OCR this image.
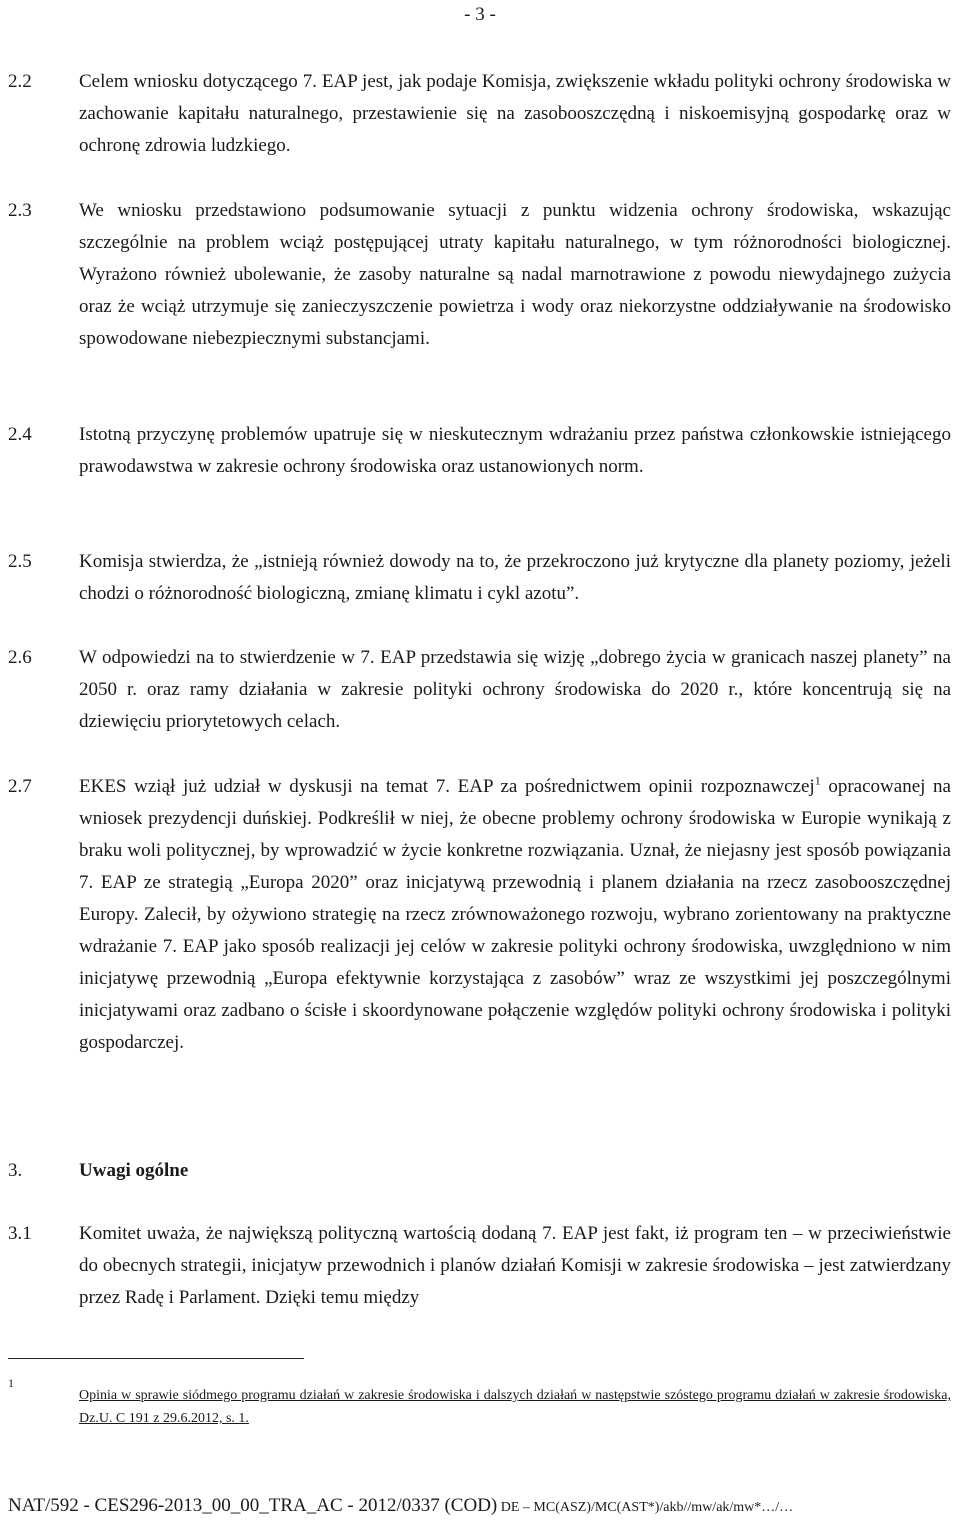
- 3 -
2.2 Celem wniosku dotyczącego 7. EAP jest, jak podaje Komisja, zwiększenie wkładu polityki ochrony środowiska w zachowanie kapitału naturalnego, przestawienie się na zasobooszczędną i niskoemisyjną gospodarkę oraz w ochronę zdrowia ludzkiego.
2.3 We wniosku przedstawiono podsumowanie sytuacji z punktu widzenia ochrony środowiska, wskazując szczególnie na problem wciąż postępującej utraty kapitału naturalnego, w tym różnorodności biologicznej. Wyrażono również ubolewanie, że zasoby naturalne są nadal marnotrawione z powodu niewydajnego zużycia oraz że wciąż utrzymuje się zanieczyszczenie powietrza i wody oraz niekorzystne oddziaływanie na środowisko spowodowane niebezpiecznymi substancjami.
2.4 Istotną przyczynę problemów upatruje się w nieskutecznym wdrażaniu przez państwa członkowskie istniejącego prawodawstwa w zakresie ochrony środowiska oraz ustanowionych norm.
2.5 Komisja stwierdza, że „istnieją również dowody na to, że przekroczono już krytyczne dla planety poziomy, jeżeli chodzi o różnorodność biologiczną, zmianę klimatu i cykl azotu”.
2.6 W odpowiedzi na to stwierdzenie w 7. EAP przedstawia się wizję „dobrego życia w granicach naszej planety” na 2050 r. oraz ramy działania w zakresie polityki ochrony środowiska do 2020 r., które koncentrują się na dziewięciu priorytetowych celach.
2.7 EKES wziął już udział w dyskusji na temat 7. EAP za pośrednictwem opinii rozpoznawczej$^1$ opracowanej na wniosek prezydencji duńskiej. Podkreślił w niej, że obecne problemy ochrony środowiska w Europie wynikają z braku woli politycznej, by wprowadzić w życie konkretne rozwiązania. Uznał, że niejasny jest sposób powiązania 7. EAP ze strategią „Europa 2020” oraz inicjatywą przewodnią i planem działania na rzecz zasobooszczędnej Europy. Zalecił, by ożywiono strategię na rzecz zrównoważonego rozwoju, wybrano zorientowany na praktyczne wdrażanie 7. EAP jako sposób realizacji jej celów w zakresie polityki ochrony środowiska, uwzględniono w nim inicjatywę przewodnią „Europa efektywnie korzystająca z zasobów” wraz ze wszystkimi jej poszczególnymi inicjatywami oraz zadbano o ścisłe i skoordynowane połączenie względów polityki ochrony środowiska i polityki gospodarczej.
3.	Uwagi ogólne
3.1 Komitet uważa, że największą polityczną wartością dodaną 7. EAP jest fakt, iż program ten – w przeciwieństwie do obecnych strategii, inicjatyw przewodnich i planów działań Komisji w zakresie środowiska – jest zatwierdzany przez Radę i Parlament. Dzięki temu między
1
Opinia w sprawie siódmego programu działań w zakresie środowiska i dalszych działań w następstwie szóstego programu działań w zakresie środowiska, Dz.U. C 191 z 29.6.2012, s. 1.
NAT/592 - CES296-2013_00_00_TRA_AC - 2012/0337 (COD) DE – MC(ASZ)/MC(AST*)/akb//mw/ak/mw*…/…
